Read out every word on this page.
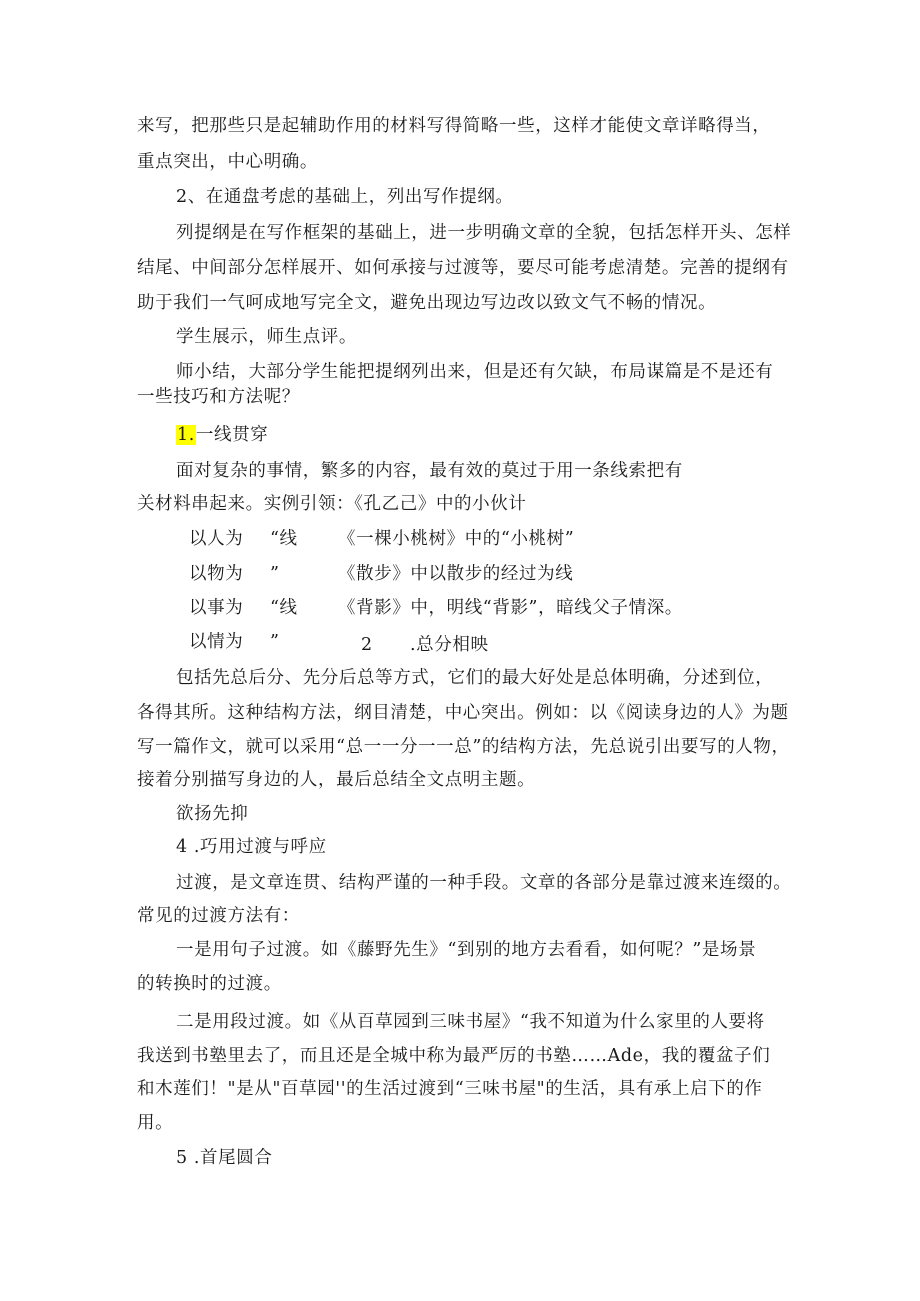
来写，把那些只是起辅助作用的材料写得简略一些，这样才能使文章详略得当，
重点突出，中心明确。
2、在通盘考虑的基础上，列出写作提纲。
列提纲是在写作框架的基础上，进一步明确文章的全貌，包括怎样开头、怎样
结尾、中间部分怎样展开、如何承接与过渡等，要尽可能考虑清楚。完善的提纲有
助于我们一气呵成地写完全文，避免出现边写边改以致文气不畅的情况。
学生展示，师生点评。
师小结，大部分学生能把提纲列出来，但是还有欠缺，布局谋篇是不是还有
一些技巧和方法呢？
1.一线贯穿
面对复杂的事情，繁多的内容，最有效的莫过于用一条线索把有
关材料串起来。实例引领：《孔乙己》中的小伙计
以人为 “线 《一棵小桃树》中的“小桃树”
以物为 ”	《散步》中以散步的经过为线
以事为 “线 《背影》中，明线“背影”，暗线父子情深。
以情为 ”	2 .总分相映
包括先总后分、先分后总等方式，它们的最大好处是总体明确，分述到位，
各得其所。这种结构方法，纲目清楚，中心突出。例如：以《阅读身边的人》为题
写一篇作文，就可以采用“总一一分一一总”的结构方法，先总说引出要写的人物，
接着分别描写身边的人，最后总结全文点明主题。
欲扬先抑
4 .巧用过渡与呼应
过渡，是文章连贯、结构严谨的一种手段。文章的各部分是靠过渡来连缀的。
常见的过渡方法有：
一是用句子过渡。如《藤野先生》“到别的地方去看看，如何呢？”是场景
的转换时的过渡。
二是用段过渡。如《从百草园到三味书屋》“我不知道为什么家里的人要将
我送到书塾里去了，而且还是全城中称为最严厉的书塾……Ade，我的覆盆子们
和木莲们！"是从"百草园''的生活过渡到“三味书屋"的生活，具有承上启下的作
用。
5 .首尾圆合
